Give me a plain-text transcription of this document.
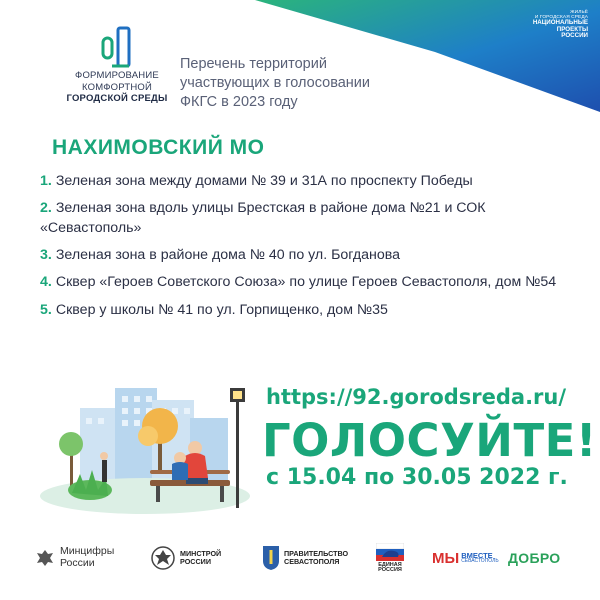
ЖИЛЬЁ
И ГОРОДСКАЯ СРЕДА
НАЦИОНАЛЬНЫЕ
ПРОЕКТЫ
РОССИИ
ФОРМИРОВАНИЕ
КОМФОРТНОЙ
ГОРОДСКОЙ СРЕДЫ
Перечень территорий
участвующих в голосовании
ФКГС в 2023 году
НАХИМОВСКИЙ МО
1. Зеленая зона между домами № 39 и 31А по проспекту Победы
2. Зеленая зона вдоль улицы Брестская в районе дома №21 и СОК «Севастополь»
3. Зеленая зона в районе дома № 40 по ул. Богданова
4. Сквер «Героев Советского Союза» по улице Героев Севастополя, дом №54
5. Сквер у школы № 41 по ул. Горпищенко, дом №35
https://92.gorodsreda.ru/
ГОЛОСУЙТЕ!
с 15.04 по 30.05 2022 г.
Минцифры
России
МИНСТРОЙ
РОССИИ
ПРАВИТЕЛЬСТВО
СЕВАСТОПОЛЯ	ЕДИНАЯ
РОССИЯ
МЫ ВМЕСТЕ
СЕВАСТОПОЛЬ ДОБРО
